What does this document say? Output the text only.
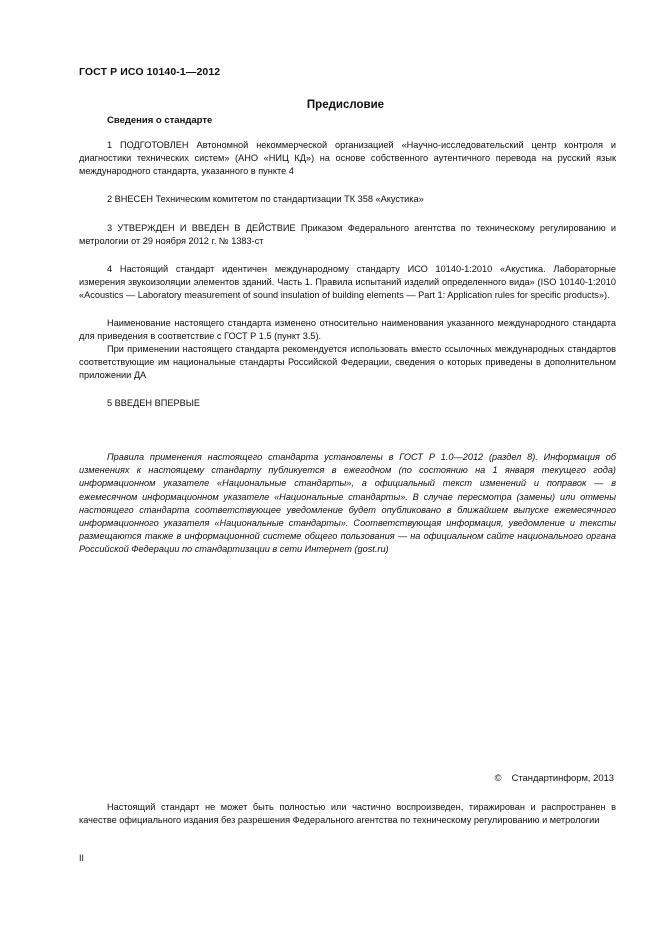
ГОСТ Р ИСО 10140-1—2012
Предисловие
Сведения о стандарте

1 ПОДГОТОВЛЕН Автономной некоммерческой организацией «Научно-исследовательский центр контроля и диагностики технических систем» (АНО «НИЦ КД») на основе собственного аутентичного перевода на русский язык международного стандарта, указанного в пункте 4

2 ВНЕСЕН Техническим комитетом по стандартизации ТК 358 «Акустика»

3 УТВЕРЖДЕН И ВВЕДЕН В ДЕЙСТВИЕ Приказом Федерального агентства по техническому регулированию и метрологии от 29 ноября 2012 г. № 1383-ст

4 Настоящий стандарт идентичен международному стандарту ИСО 10140-1:2010 «Акустика. Лабораторные измерения звукоизоляции элементов зданий. Часть 1. Правила испытаний изделий определенного вида» (ISO 10140-1:2010 «Acoustics — Laboratory measurement of sound insulation of building elements — Part 1: Application rules for specific products»).

Наименование настоящего стандарта изменено относительно наименования указанного международного стандарта для приведения в соответствие с ГОСТ Р 1.5 (пункт 3.5).

При применении настоящего стандарта рекомендуется использовать вместо ссылочных международных стандартов соответствующие им национальные стандарты Российской Федерации, сведения о которых приведены в дополнительном приложении ДА

5 ВВЕДЕН ВПЕРВЫЕ

Правила применения настоящего стандарта установлены в ГОСТ Р 1.0—2012 (раздел 8). Информация об изменениях к настоящему стандарту публикуется в ежегодном (по состоянию на 1 января текущего года) информационном указателе «Национальные стандарты», а официальный текст изменений и поправок — в ежемесячном информационном указателе «Национальные стандарты». В случае пересмотра (замены) или отмены настоящего стандарта соответствующее уведомление будет опубликовано в ближайшем выпуске ежемесячного информационного указателя «Национальные стандарты». Соответствующая информация, уведомление и тексты размещаются также в информационной системе общего пользования — на официальном сайте национального органа Российской Федерации по стандартизации в сети Интернет (gost.ru)

© Стандартинформ, 2013

Настоящий стандарт не может быть полностью или частично воспроизведен, тиражирован и распространен в качестве официального издания без разрешения Федерального агентства по техническому регулированию и метрологии

II
